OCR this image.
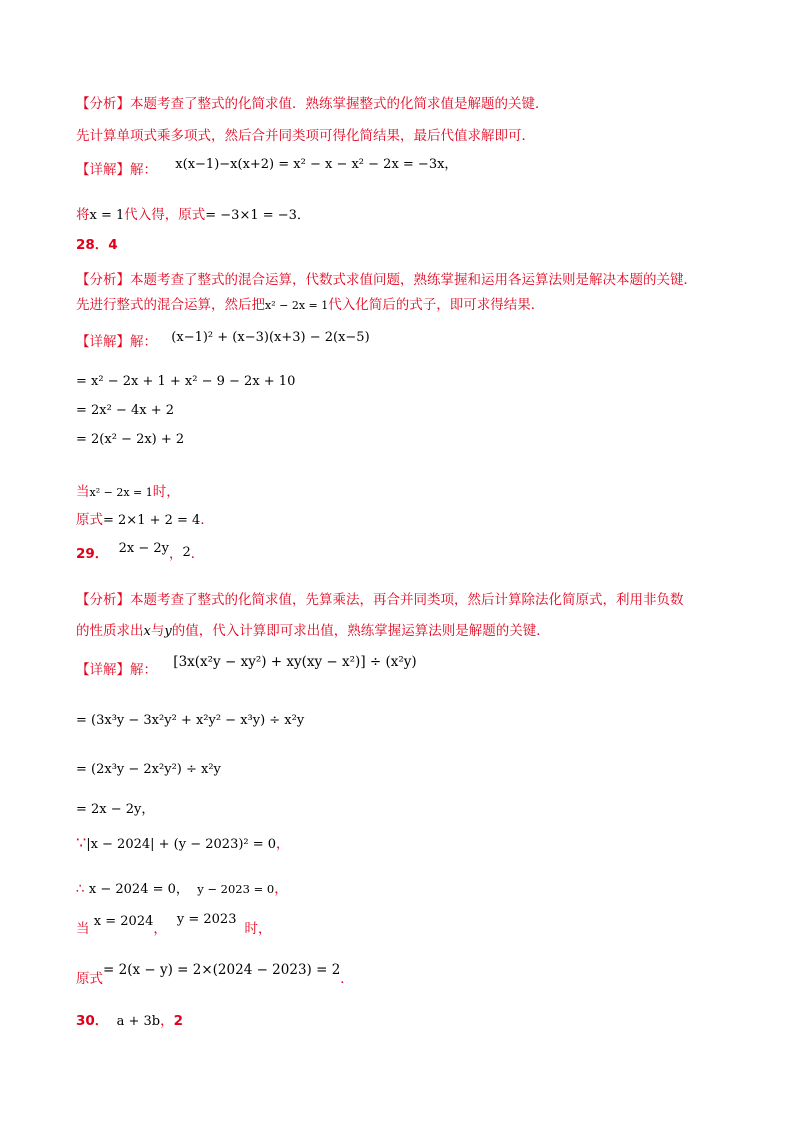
【分析】本题考查了整式的化简求值．熟练掌握整式的化简求值是解题的关键．
先计算单项式乘多项式，然后合并同类项可得化简结果，最后代值求解即可．
【详解】解： x(x−1)−x(x+2) = x² − x − x² − 2x = −3x，
将x = 1代入得，原式= −3×1 = −3．
28．4
【分析】本题考查了整式的混合运算，代数式求值问题，熟练掌握和运用各运算法则是解决本题的关键．
先进行整式的混合运算，然后把x² − 2x = 1代入化简后的式子，即可求得结果．
【详解】解： (x−1)² + (x−3)(x+3) − 2(x−5)
= x² − 2x + 1 + x² − 9 − 2x + 10
= 2x² − 4x + 2
= 2(x² − 2x) + 2
当x² − 2x = 1时，
原式= 2×1 + 2 = 4．
29． 2x − 2y，2．
【分析】本题考查了整式的化简求值，先算乘法，再合并同类项，然后计算除法化简原式，利用非负数
的性质求出x与y的值，代入计算即可求出值，熟练掌握运算法则是解题的关键．
【详解】解： [3x(x²y − xy²) + xy(xy − x²)] ÷ (x²y)
= (3x³y − 3x²y² + x²y² − x³y) ÷ x²y
= (2x³y − 2x²y²) ÷ x²y
= 2x − 2y，
∵|x − 2024| + (y − 2023)² = 0，
∴ x − 2024 = 0， y − 2023 = 0，
当 x = 2024，y = 2023时，
原式= 2(x − y) = 2×(2024 − 2023) = 2．
30． a + 3b，2
